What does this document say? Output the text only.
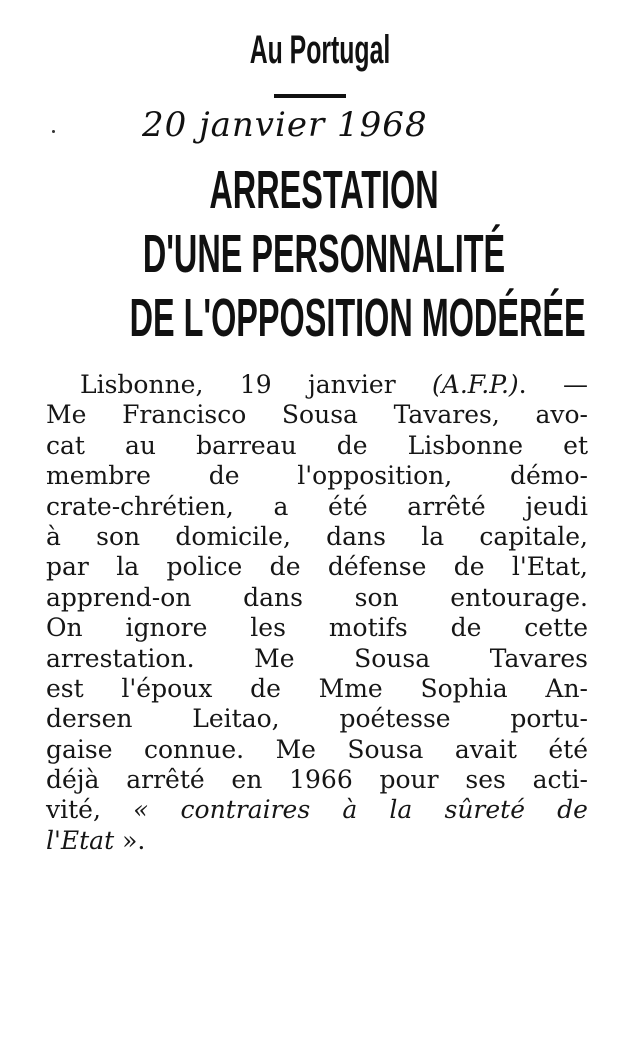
Au Portugal
20 janvier 1968
ARRESTATION
D'UNE PERSONNALITÉ
DE L'OPPOSITION MODÉRÉE
Lisbonne, 19 janvier (A.F.P.). —
Me Francisco Sousa Tavares, avo-
cat au barreau de Lisbonne et
membre de l'opposition, démo-
crate-chrétien, a été arrêté jeudi
à son domicile, dans la capitale,
par la police de défense de l'Etat,
apprend-on dans son entourage.
On ignore les motifs de cette
arrestation. Me Sousa Tavares
est l'époux de Mme Sophia An-
dersen Leitao, poétesse portu-
gaise connue. Me Sousa avait été
déjà arrêté en 1966 pour ses acti-
vité, « contraires à la sûreté de
l'Etat ».
